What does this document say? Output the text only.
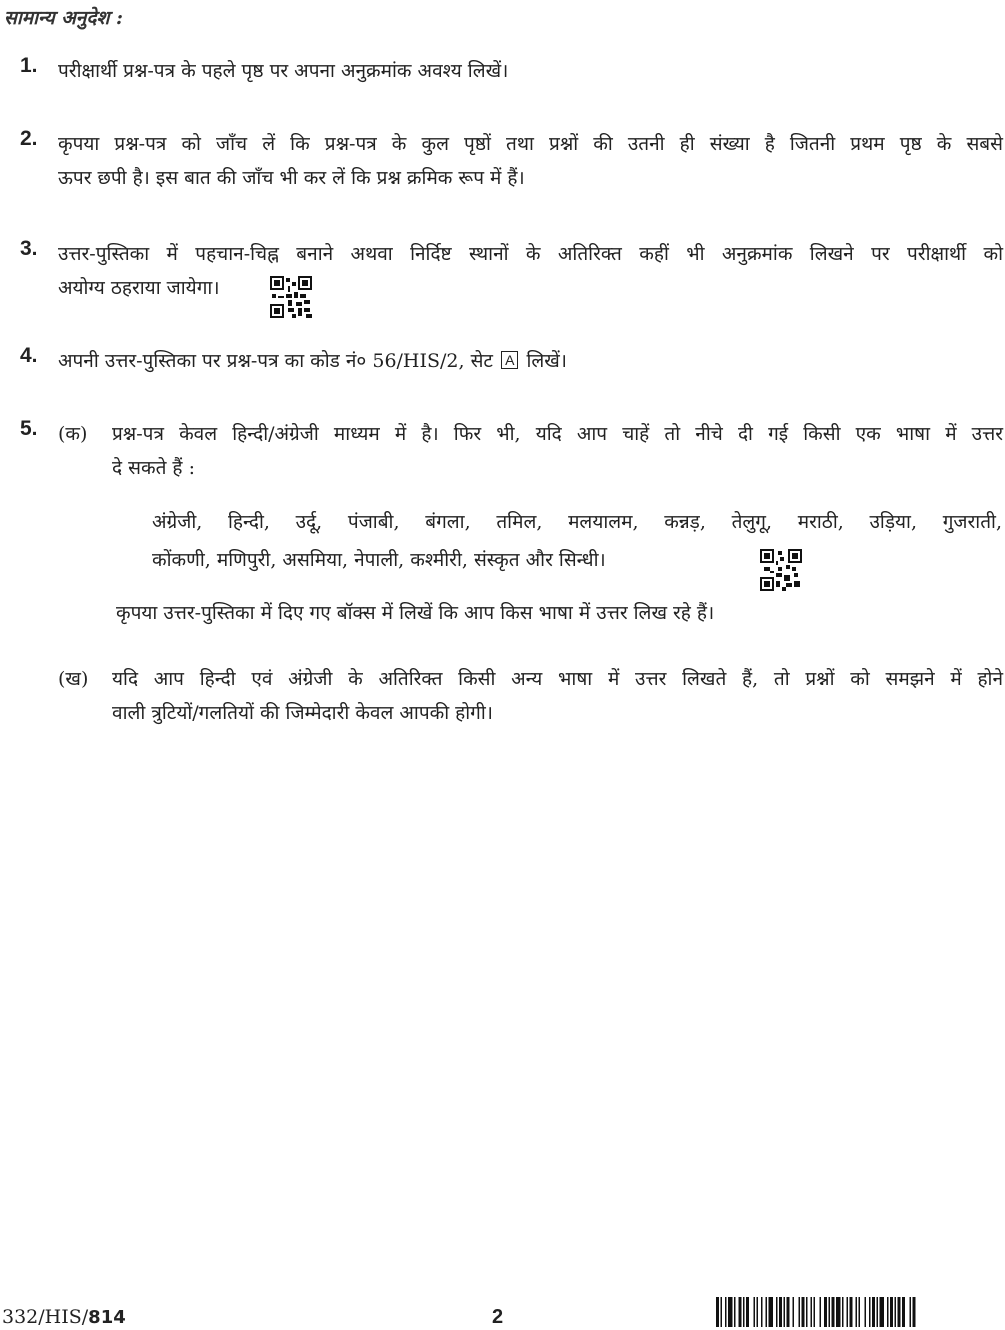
सामान्य अनुदेश :
1. परीक्षार्थी प्रश्न-पत्र के पहले पृष्ठ पर अपना अनुक्रमांक अवश्य लिखें।
2. कृपया प्रश्न-पत्र को जाँच लें कि प्रश्न-पत्र के कुल पृष्ठों तथा प्रश्नों की उतनी ही संख्या है जितनी प्रथम पृष्ठ के सबसे
ऊपर छपी है। इस बात की जाँच भी कर लें कि प्रश्न क्रमिक रूप में हैं।
3. उत्तर-पुस्तिका में पहचान-चिह्न बनाने अथवा निर्दिष्ट स्थानों के अतिरिक्त कहीं भी अनुक्रमांक लिखने पर परीक्षार्थी को
अयोग्य ठहराया जायेगा।
4. अपनी उत्तर-पुस्तिका पर प्रश्न-पत्र का कोड नं० 56/HIS/2, सेट A लिखें।
5. (क) प्रश्न-पत्र केवल हिन्दी/अंग्रेजी माध्यम में है। फिर भी, यदि आप चाहें तो नीचे दी गई किसी एक भाषा में उत्तर
दे सकते हैं :
अंग्रेजी, हिन्दी, उर्दू, पंजाबी, बंगला, तमिल, मलयालम, कन्नड़, तेलुगू, मराठी, उड़िया, गुजराती,
कोंकणी, मणिपुरी, असमिया, नेपाली, कश्मीरी, संस्कृत और सिन्धी।
कृपया उत्तर-पुस्तिका में दिए गए बॉक्स में लिखें कि आप किस भाषा में उत्तर लिख रहे हैं।
(ख) यदि आप हिन्दी एवं अंग्रेजी के अतिरिक्त किसी अन्य भाषा में उत्तर लिखते हैं, तो प्रश्नों को समझने में होने
वाली त्रुटियों/गलतियों की जिम्मेदारी केवल आपकी होगी।
332/HIS/814	2
